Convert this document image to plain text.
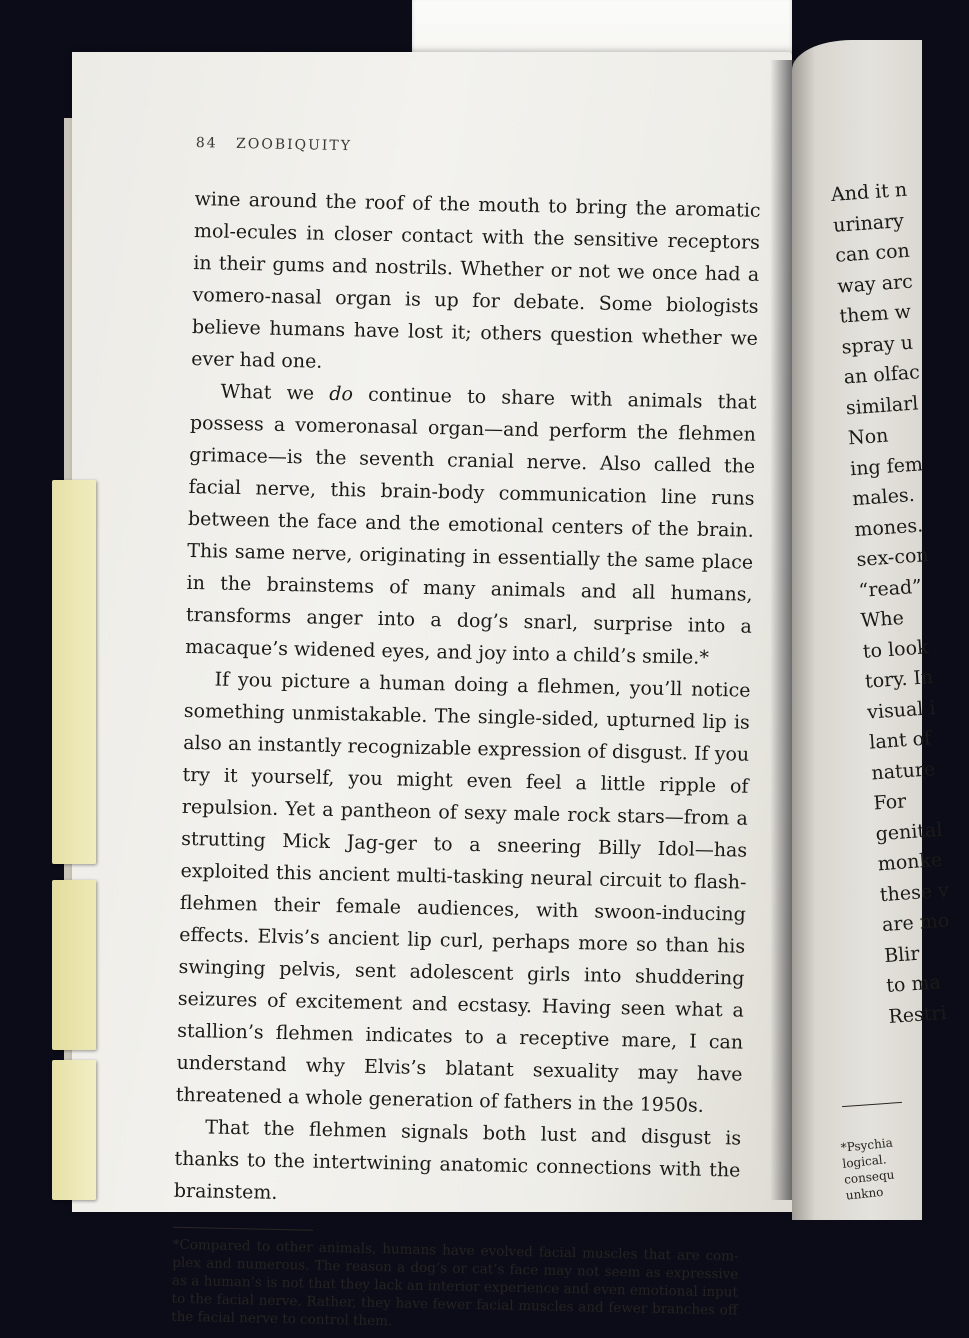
84 ZOOBIQUITY

wine around the roof of the mouth to bring the aromatic mol-ecules in closer contact with the sensitive receptors in their gums and nostrils. Whether or not we once had a vomero-nasal organ is up for debate. Some biologists believe humans have lost it; others question whether we ever had one.

What we do continue to share with animals that possess a vomeronasal organ—and perform the flehmen grimace—is the seventh cranial nerve. Also called the facial nerve, this brain-body communication line runs between the face and the emotional centers of the brain. This same nerve, originating in essentially the same place in the brainstems of many animals and all humans, transforms anger into a dog’s snarl, surprise into a macaque’s widened eyes, and joy into a child’s smile.*

If you picture a human doing a flehmen, you’ll notice something unmistakable. The single-sided, upturned lip is also an instantly recognizable expression of disgust. If you try it yourself, you might even feel a little ripple of repulsion. Yet a pantheon of sexy male rock stars—from a strutting Mick Jag-ger to a sneering Billy Idol—has exploited this ancient multi-tasking neural circuit to flash-flehmen their female audiences, with swoon-inducing effects. Elvis’s ancient lip curl, perhaps more so than his swinging pelvis, sent adolescent girls into shuddering seizures of excitement and ecstasy. Having seen what a stallion’s flehmen indicates to a receptive mare, I can understand why Elvis’s blatant sexuality may have threatened a whole generation of fathers in the 1950s.

That the flehmen signals both lust and disgust is thanks to the intertwining anatomic connections with the brainstem.

*Compared to other animals, humans have evolved facial muscles that are com-plex and numerous. The reason a dog’s or cat’s face may not seem as expressive as a human’s is not that they lack an interior experience and even emotional input to the facial nerve. Rather, they have fewer facial muscles and fewer branches off the facial nerve to control them.

And it n
urinary
can con
way arc
them w
spray u
an olfac
similarl
Non
ing fem
males.
mones.
sex-con
“read”
Whe
to look
tory. In
visual i
lant of
nature
For
genital
monke
these v
are mo
Blir
to ma
Restri
*Psychia
logical.
consequ
unkno
